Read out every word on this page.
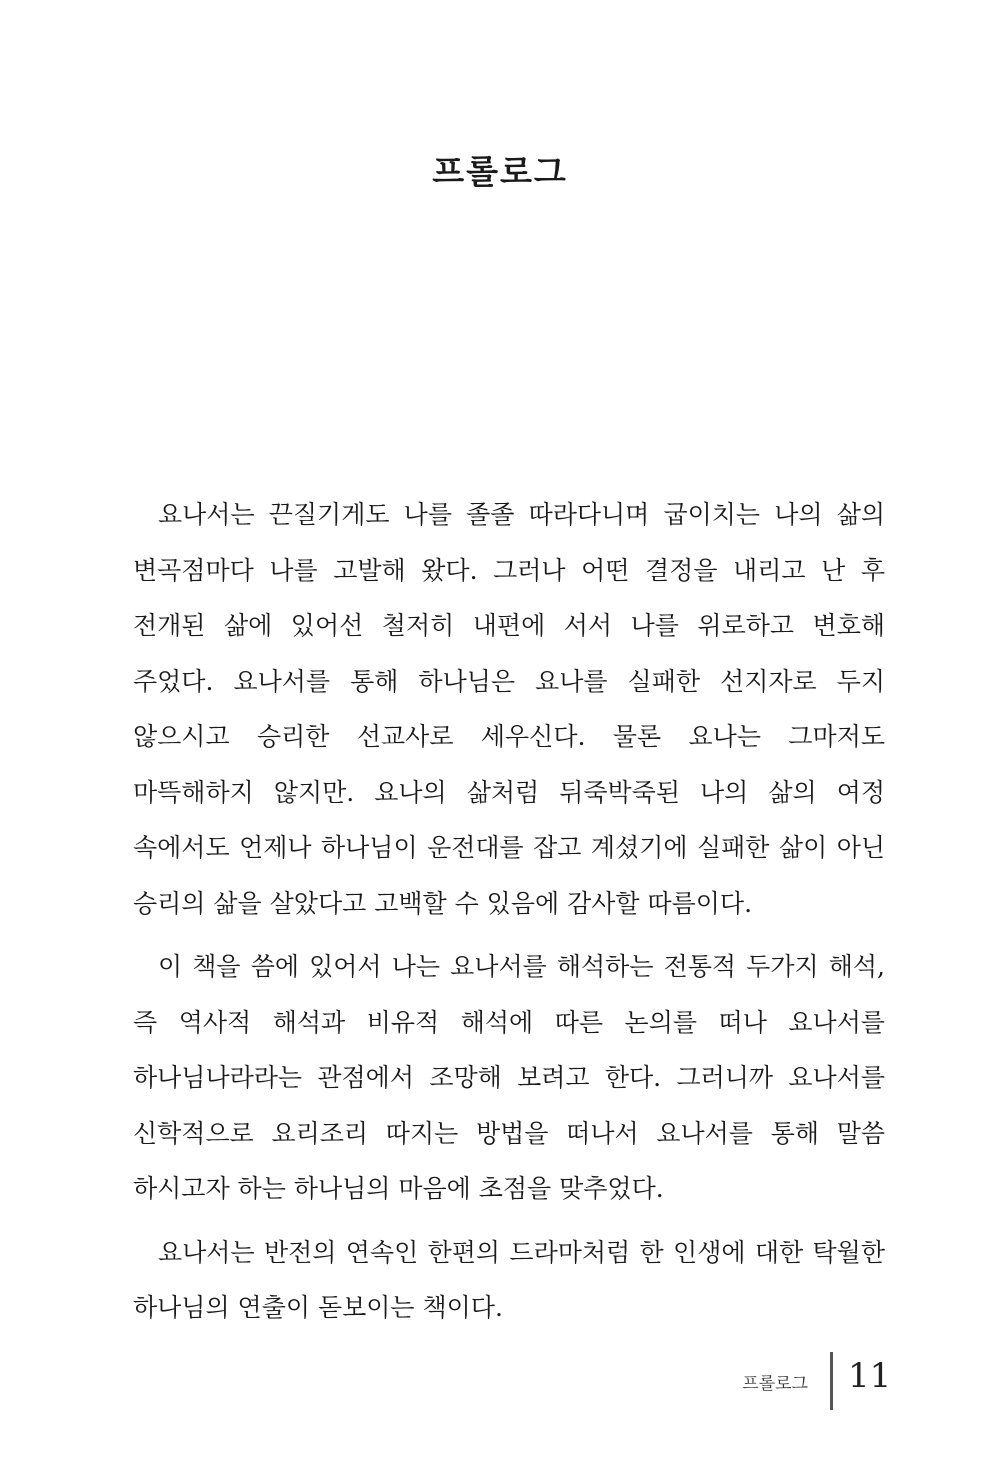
프롤로그

요나서는 끈질기게도 나를 졸졸 따라다니며 굽이치는 나의 삶의 변곡점마다 나를 고발해 왔다. 그러나 어떤 결정을 내리고 난 후 전개된 삶에 있어선 철저히 내편에 서서 나를 위로하고 변호해 주었다. 요나서를 통해 하나님은 요나를 실패한 선지자로 두지 않으시고 승리한 선교사로 세우신다. 물론 요나는 그마저도 마뜩해하지 않지만. 요나의 삶처럼 뒤죽박죽된 나의 삶의 여정 속에서도 언제나 하나님이 운전대를 잡고 계셨기에 실패한 삶이 아닌 승리의 삶을 살았다고 고백할 수 있음에 감사할 따름이다.

이 책을 씀에 있어서 나는 요나서를 해석하는 전통적 두가지 해석, 즉 역사적 해석과 비유적 해석에 따른 논의를 떠나 요나서를 하나님나라라는 관점에서 조망해 보려고 한다. 그러니까 요나서를 신학적으로 요리조리 따지는 방법을 떠나서 요나서를 통해 말씀 하시고자 하는 하나님의 마음에 초점을 맞추었다.

요나서는 반전의 연속인 한편의 드라마처럼 한 인생에 대한 탁월한 하나님의 연출이 돋보이는 책이다.

프롤로그 11
